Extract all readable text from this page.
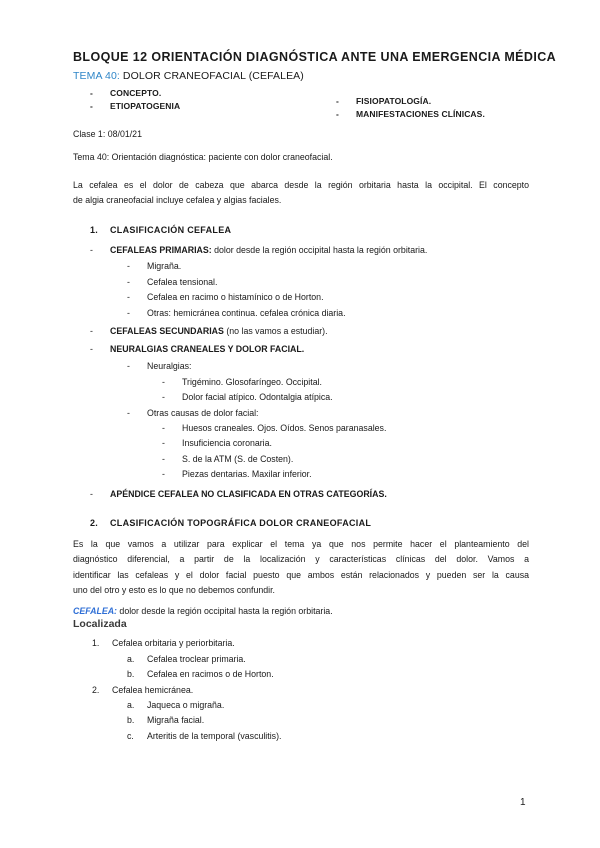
BLOQUE 12 ORIENTACIÓN DIAGNÓSTICA ANTE UNA EMERGENCIA MÉDICA
TEMA 40: DOLOR CRANEOFACIAL (CEFALEA)
- CONCEPTO.
- ETIOPATOGENIA	- FISIOPATOLOGÍA.
- MANIFESTACIONES CLÍNICAS.
Clase 1: 08/01/21
Tema 40: Orientación diagnóstica: paciente con dolor craneofacial.
La cefalea es el dolor de cabeza que abarca desde la región orbitaria hasta la occipital. El concepto
de algia craneofacial incluye cefalea y algias faciales.
1. CLASIFICACIÓN CEFALEA
- CEFALEAS PRIMARIAS: dolor desde la región occipital hasta la región orbitaria.
- Migraña.
- Cefalea tensional.
- Cefalea en racimo o histamínico o de Horton.
- Otras: hemicránea continua. cefalea crónica diaria.
- CEFALEAS SECUNDARIAS (no las vamos a estudiar).
- NEURALGIAS CRANEALES Y DOLOR FACIAL.
- Neuralgias:
- Trigémino. Glosofaríngeo. Occipital.
- Dolor facial atípico. Odontalgia atípica.
- Otras causas de dolor facial:
- Huesos craneales. Ojos. Oídos. Senos paranasales.
- Insuficiencia coronaria.
- S. de la ATM (S. de Costen).
- Piezas dentarias. Maxilar inferior.
- APÉNDICE CEFALEA NO CLASIFICADA EN OTRAS CATEGORÍAS.
2. CLASIFICACIÓN TOPOGRÁFICA DOLOR CRANEOFACIAL
Es la que vamos a utilizar para explicar el tema ya que nos permite hacer el planteamiento del
diagnóstico diferencial, a partir de la localización y características clínicas del dolor. Vamos a
identificar las cefaleas y el dolor facial puesto que ambos están relacionados y pueden ser la causa
uno del otro y esto es lo que no debemos confundir.
CEFALEA: dolor desde la región occipital hasta la región orbitaria.
Localizada
1. Cefalea orbitaria y periorbitaria.
a. Cefalea troclear primaria.
b. Cefalea en racimos o de Horton.
2. Cefalea hemicránea.
a. Jaqueca o migraña.
b. Migraña facial.
c. Arteritis de la temporal (vasculitis).
1
